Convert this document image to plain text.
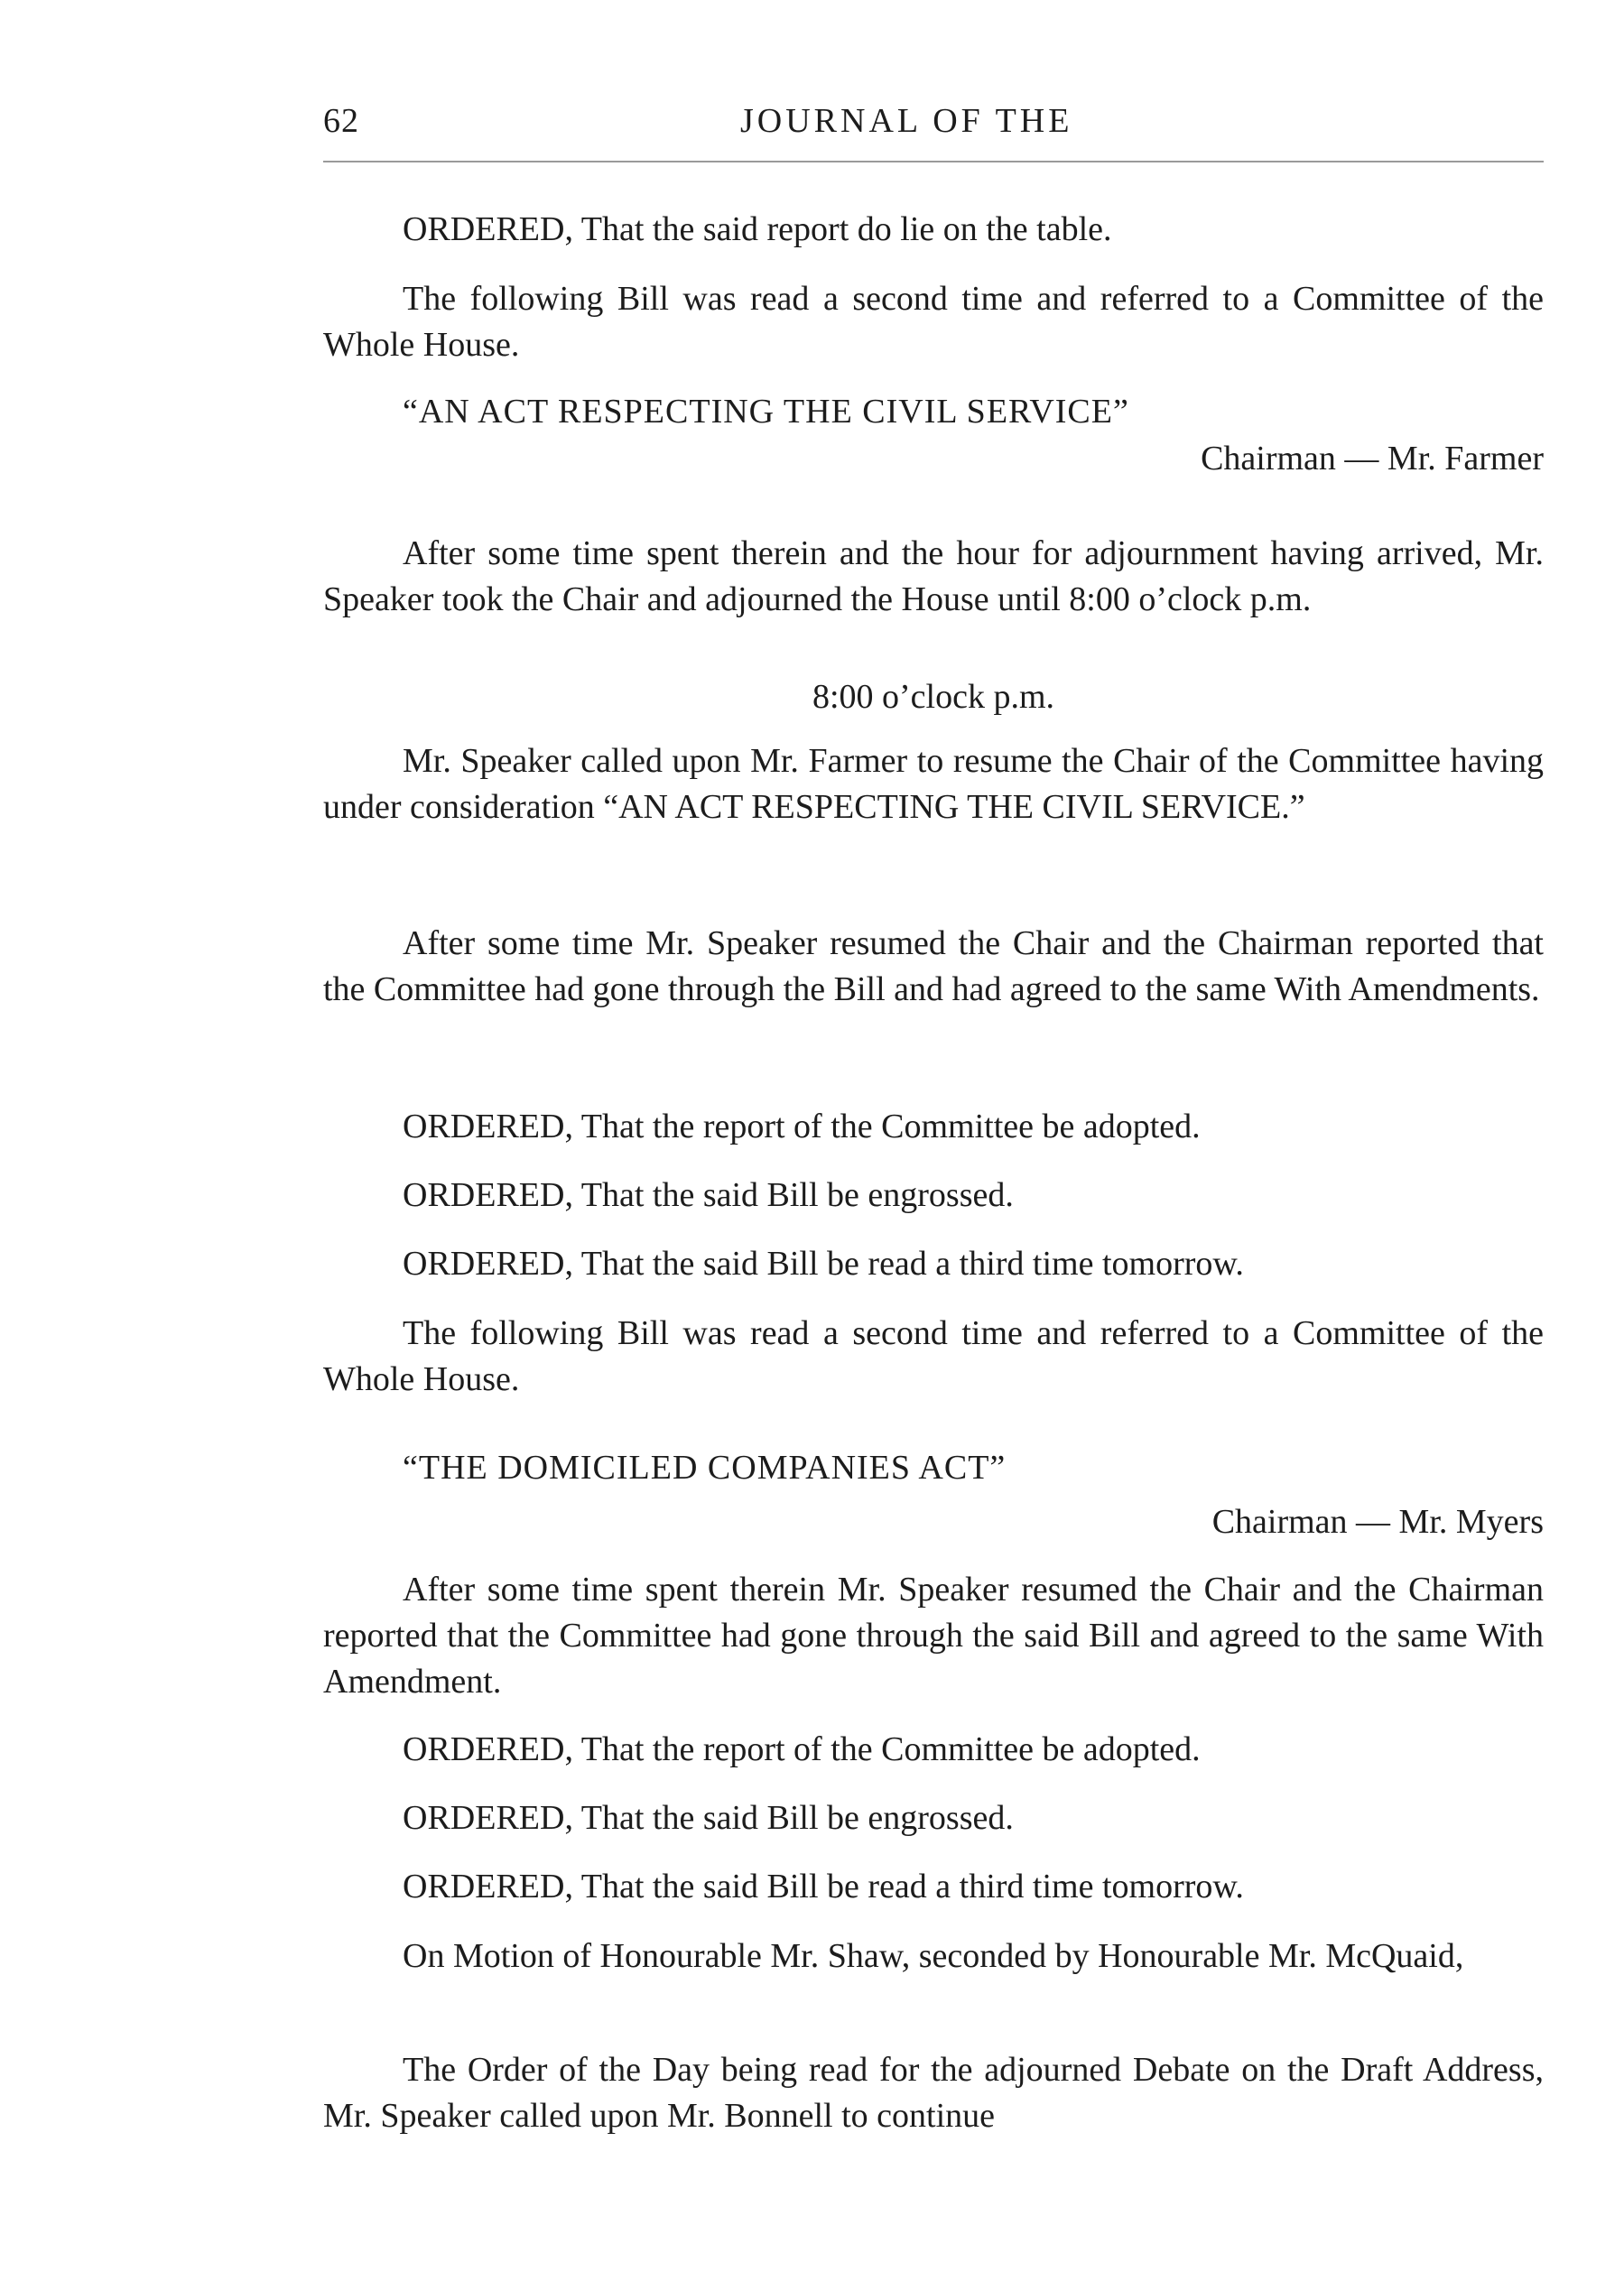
62	JOURNAL OF THE
ORDERED, That the said report do lie on the table.

The following Bill was read a second time and referred to a Committee of the Whole House.

“AN ACT RESPECTING THE CIVIL SERVICE”
Chairman — Mr. Farmer

After some time spent therein and the hour for adjournment having arrived, Mr. Speaker took the Chair and adjourned the House until 8:00 o’clock p.m.

8:00 o’clock p.m.

Mr. Speaker called upon Mr. Farmer to resume the Chair of the Committee having under consideration “AN ACT RESPECTING THE CIVIL SERVICE.”

After some time Mr. Speaker resumed the Chair and the Chairman reported that the Committee had gone through the Bill and had agreed to the same With Amendments.

ORDERED, That the report of the Committee be adopted.
ORDERED, That the said Bill be engrossed.
ORDERED, That the said Bill be read a third time tomorrow.

The following Bill was read a second time and referred to a Committee of the Whole House.

“THE DOMICILED COMPANIES ACT”
Chairman — Mr. Myers

After some time spent therein Mr. Speaker resumed the Chair and the Chairman reported that the Committee had gone through the said Bill and agreed to the same With Amendment.

ORDERED, That the report of the Committee be adopted.
ORDERED, That the said Bill be engrossed.
ORDERED, That the said Bill be read a third time tomorrow.

On Motion of Honourable Mr. Shaw, seconded by Honourable Mr. McQuaid,

The Order of the Day being read for the adjourned Debate on the Draft Address, Mr. Speaker called upon Mr. Bonnell to continue
